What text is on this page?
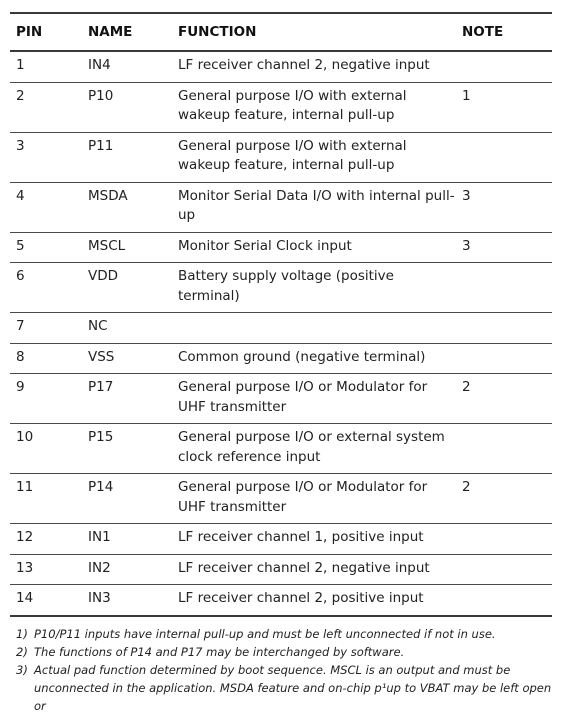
PIN	NAME	FUNCTION	NOTE
1	IN4	LF receiver channel 2, negative input	
2	P10	General purpose I/O with external wakeup feature, internal pull-up	1
3	P11	General purpose I/O with external wakeup feature, internal pull-up	
4	MSDA	Monitor Serial Data I/O with internal pull-up	3
5	MSCL	Monitor Serial Clock input	3
6	VDD	Battery supply voltage (positive terminal)	
7	NC		
8	VSS	Common ground (negative terminal)	
9	P17	General purpose I/O or Modulator for UHF transmitter	2
10	P15	General purpose I/O or external system clock reference input	
11	P14	General purpose I/O or Modulator for UHF transmitter	2
12	IN1	LF receiver channel 1, positive input	
13	IN2	LF receiver channel 2, negative input	
14	IN3	LF receiver channel 2, positive input	
1) P10/P11 inputs have internal pull-up and must be left unconnected if not in use.
2) The functions of P14 and P17 may be interchanged by software.
3) Actual pad function determined by boot sequence. MSCL is an output and must be unconnected in the application. MSDA feature and on-chip p¹up to VBAT may be left open or
